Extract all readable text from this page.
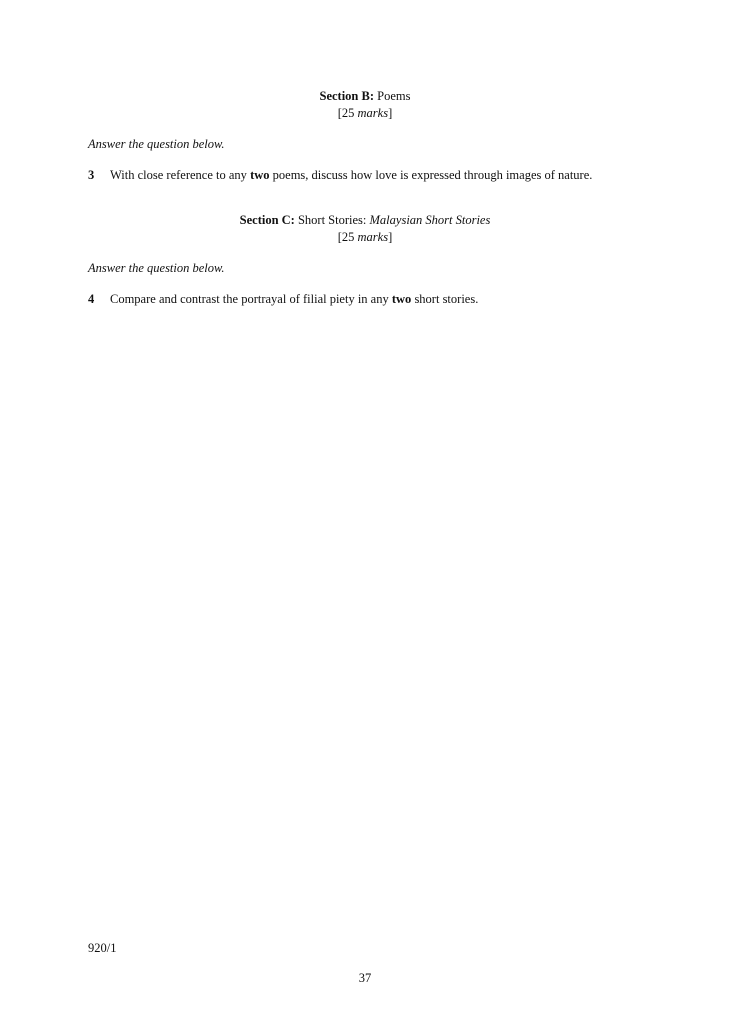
Section B: Poems
[25 marks]
Answer the question below.
3 With close reference to any two poems, discuss how love is expressed through images of nature.
Section C: Short Stories: Malaysian Short Stories
[25 marks]
Answer the question below.
4 Compare and contrast the portrayal of filial piety in any two short stories.
920/1
37
